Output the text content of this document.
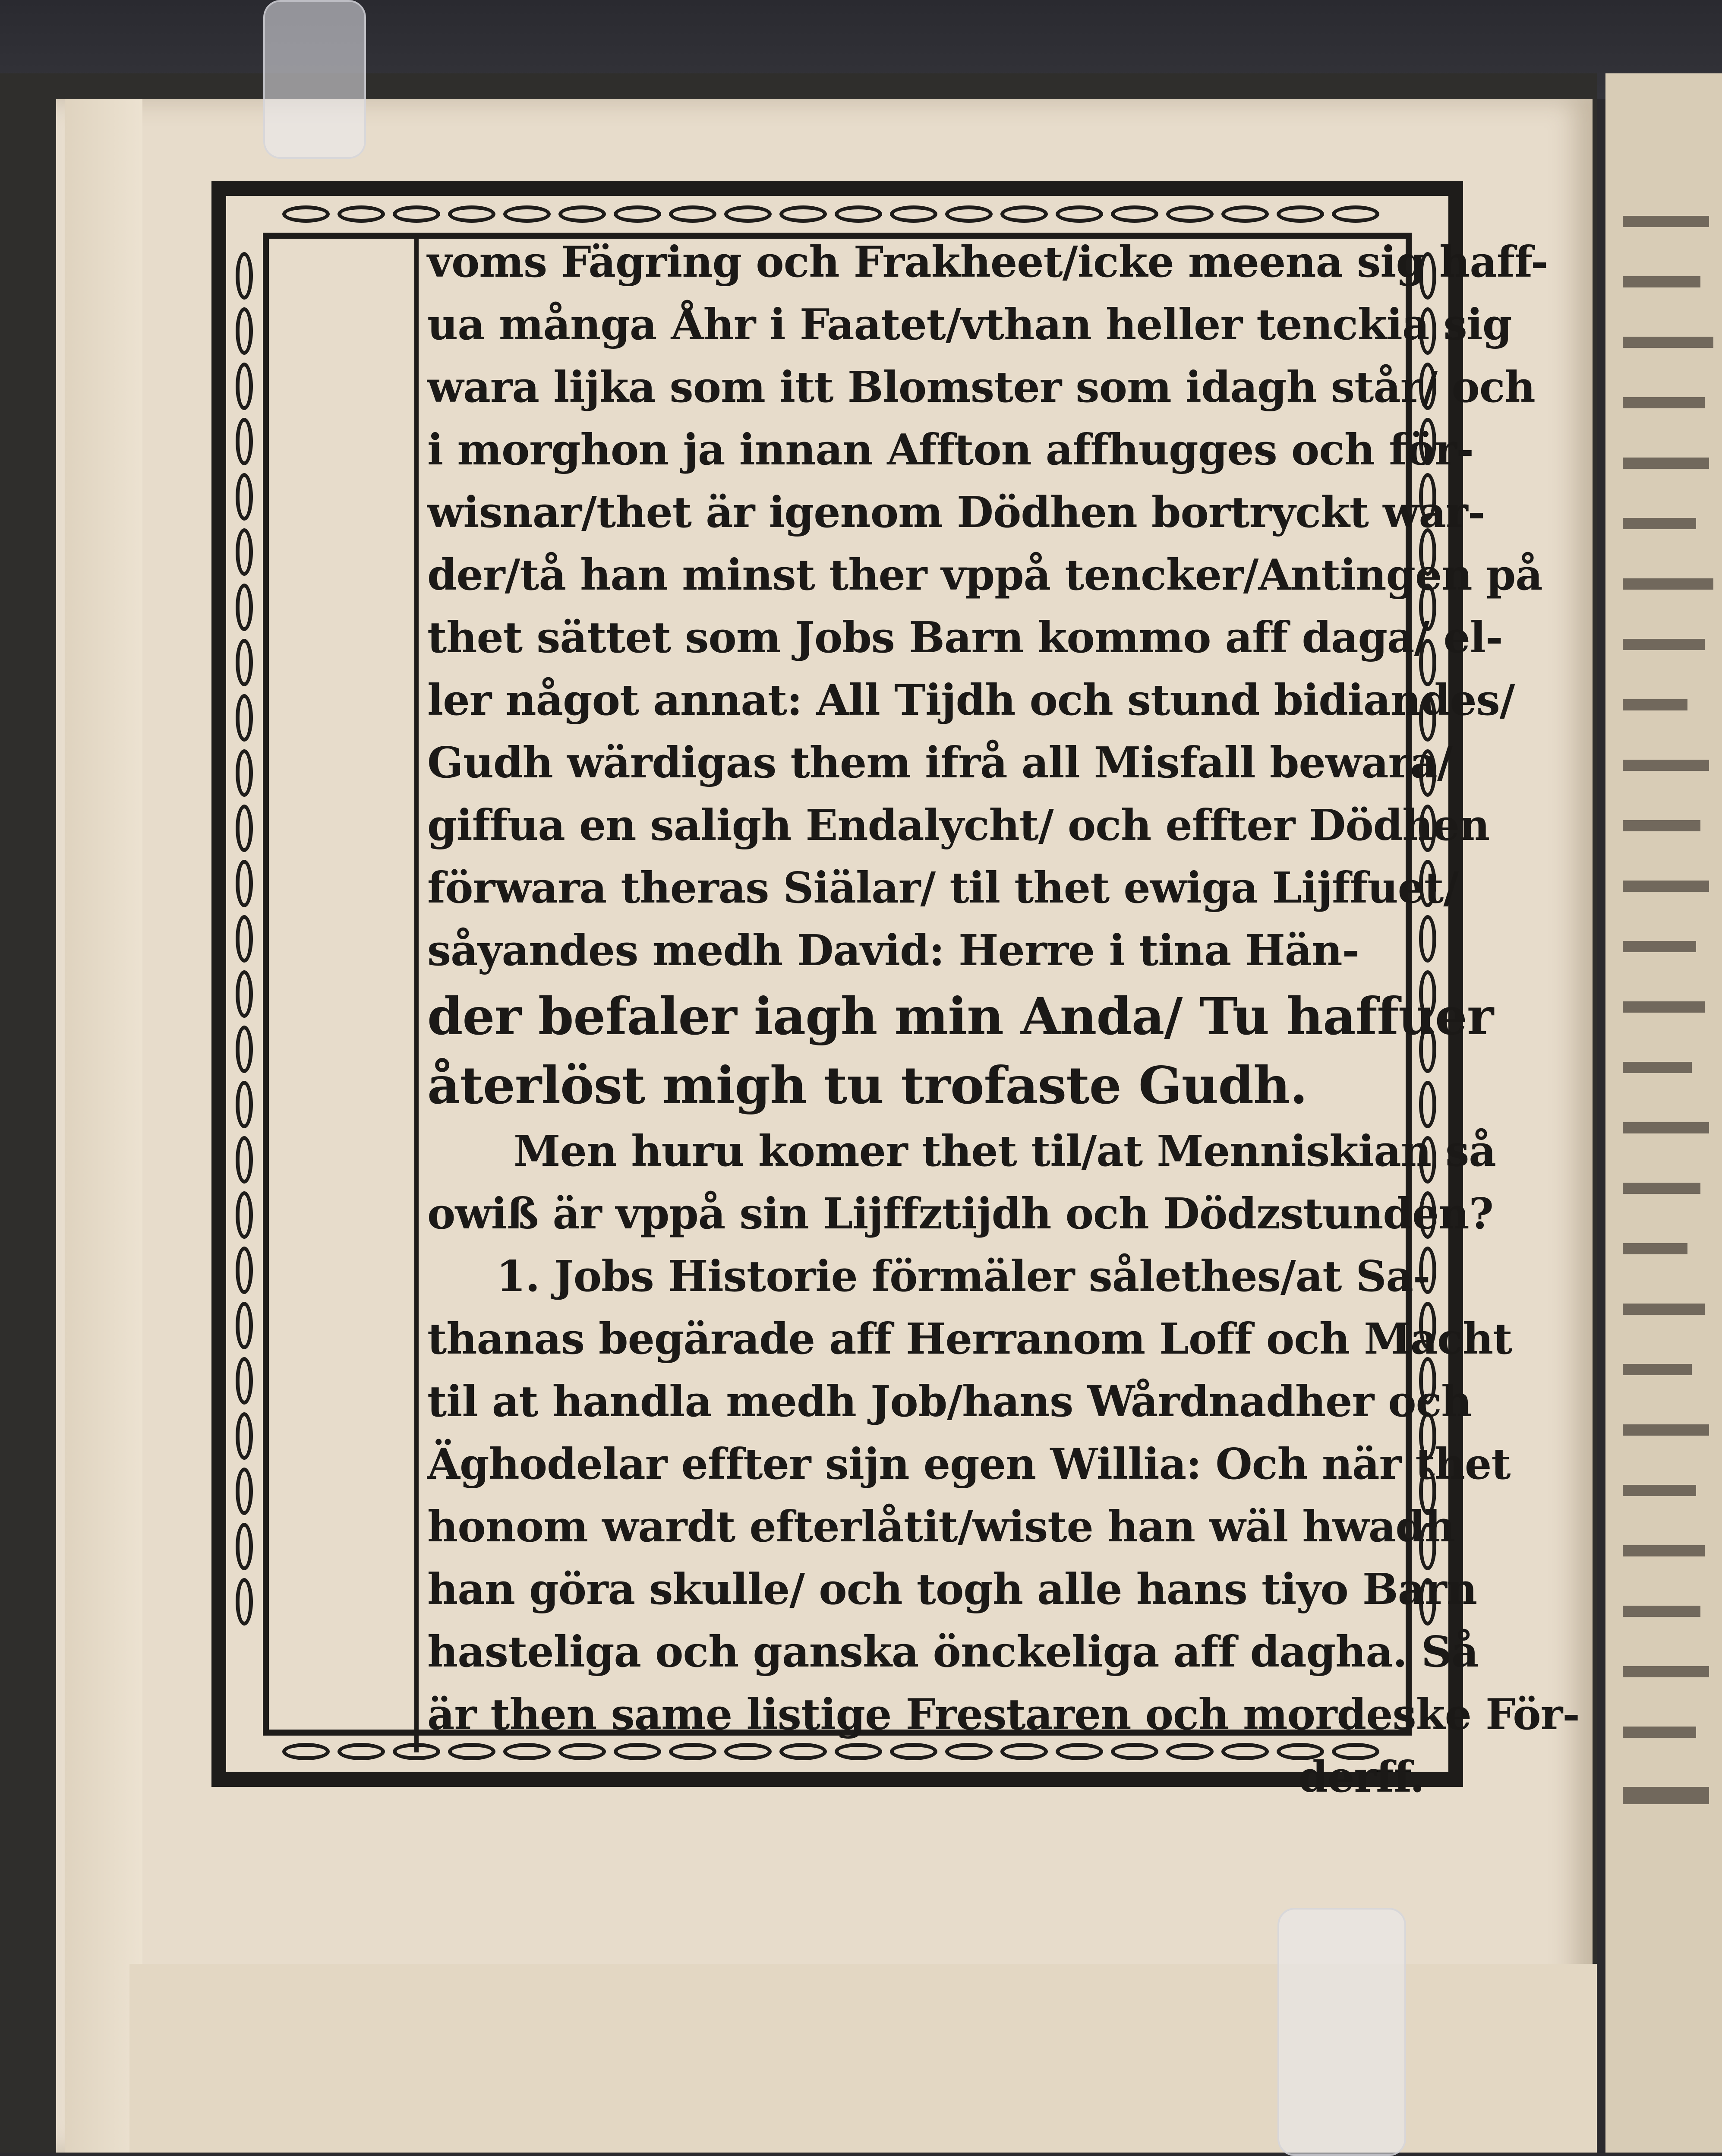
voms Fägring och Frakheet/icke meena sig haff-
ua många Åhr i Faatet/vthan heller tenckia sig
wara lijka som itt Blomster som idagh står/ och
i morghon ja innan Affton affhugges och för-
wisnar/thet är igenom Dödhen bortryckt war-
der/tå han minst ther vppå tencker/Antingen på
thet sättet som Jobs Barn kommo aff daga/ el-
ler något annat: All Tijdh och stund bidiandes/
Gudh wärdigas them ifrå all Misfall bewara/
giffua en saligh Endalycht/ och effter Dödhen
förwara theras Siälar/ til thet ewiga Lijffuet/
såyandes medh David: Herre i tina Hän-
der befaler iagh min Anda/ Tu haffuer
återlöst migh tu trofaste Gudh.
Men huru komer thet til/at Menniskian så
owiß är vppå sin Lijffztijdh och Dödzstunden?
1. Jobs Historie förmäler sålethes/at Sa-
thanas begärade aff Herranom Loff och Macht
til at handla medh Job/hans Wårdnadher och
Äghodelar effter sijn egen Willia: Och när thet
honom wardt efterlåtit/wiste han wäl hwadh
han göra skulle/ och togh alle hans tiyo Barn
hasteliga och ganska önckeliga aff dagha. Så
är then same listige Frestaren och mordeske För-
derff.
